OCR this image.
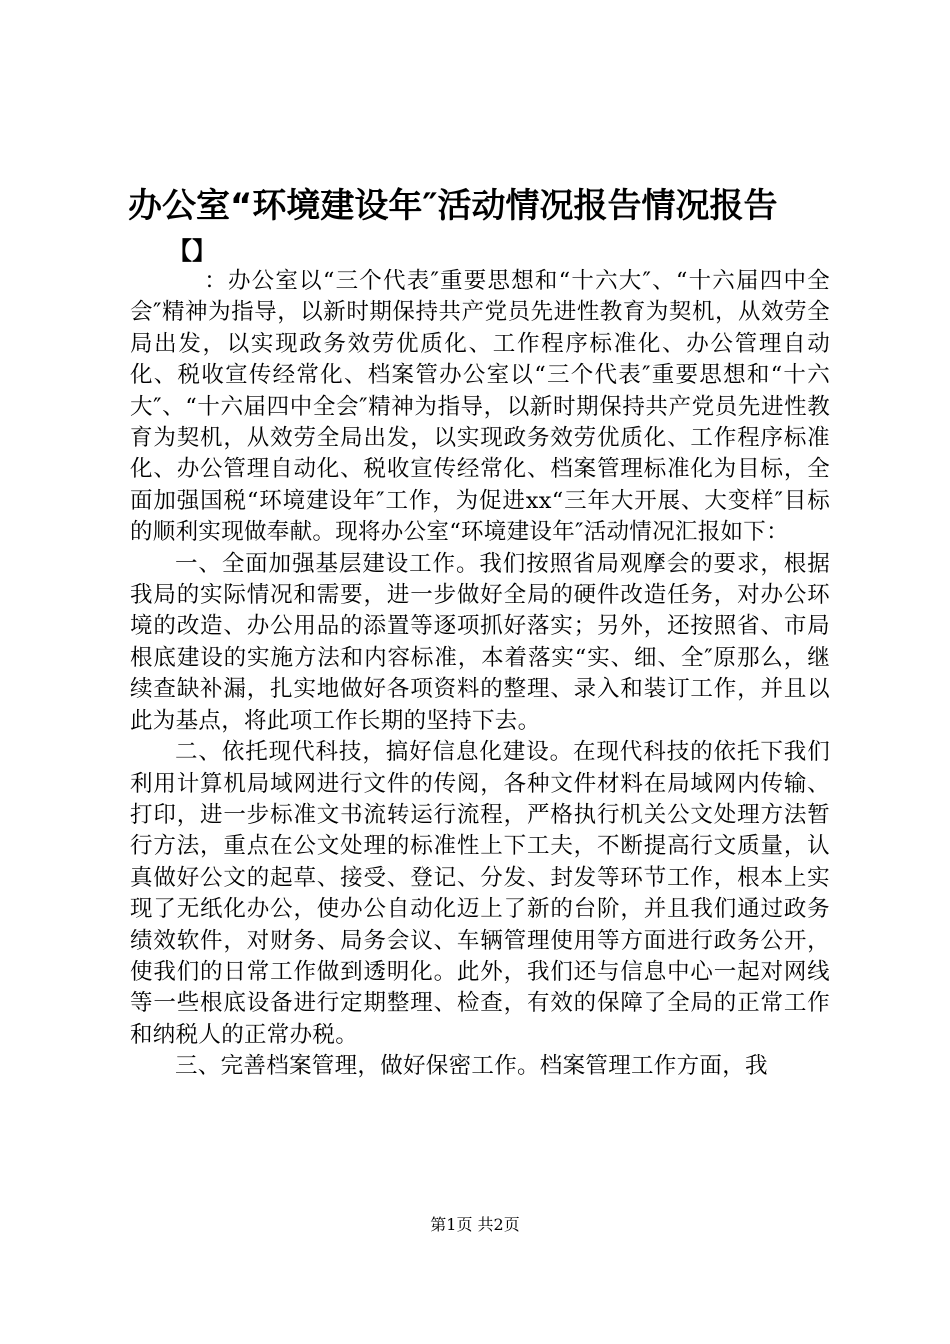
办公室“环境建设年″活动情况报告情况报告
【】

：办公室以“三个代表″重要思想和“十六大″、“十六届四中全会″精神为指导，以新时期保持共产党员先进性教育为契机，从效劳全局出发，以实现政务效劳优质化、工作程序标准化、办公管理自动化、税收宣传经常化、档案管办公室以“三个代表″重要思想和“十六大″、“十六届四中全会″精神为指导，以新时期保持共产党员先进性教育为契机，从效劳全局出发，以实现政务效劳优质化、工作程序标准化、办公管理自动化、税收宣传经常化、档案管理标准化为目标，全面加强国税“环境建设年″工作，为促进xx“三年大开展、大变样″目标的顺利实现做奉献。现将办公室“环境建设年″活动情况汇报如下：

一、全面加强基层建设工作。我们按照省局观摩会的要求，根据我局的实际情况和需要，进一步做好全局的硬件改造任务，对办公环境的改造、办公用品的添置等逐项抓好落实；另外，还按照省、市局根底建设的实施方法和内容标准，本着落实“实、细、全″原那么，继续查缺补漏，扎实地做好各项资料的整理、录入和装订工作，并且以此为基点，将此项工作长期的坚持下去。

二、依托现代科技，搞好信息化建设。在现代科技的依托下我们利用计算机局域网进行文件的传阅，各种文件材料在局域网内传输、打印，进一步标准文书流转运行流程，严格执行机关公文处理方法暂行方法，重点在公文处理的标准性上下工夫，不断提高行文质量，认真做好公文的起草、接受、登记、分发、封发等环节工作，根本上实现了无纸化办公，使办公自动化迈上了新的台阶，并且我们通过政务绩效软件，对财务、局务会议、车辆管理使用等方面进行政务公开，使我们的日常工作做到透明化。此外，我们还与信息中心一起对网线等一些根底设备进行定期整理、检查，有效的保障了全局的正常工作和纳税人的正常办税。

三、完善档案管理，做好保密工作。档案管理工作方面，我

第1页 共2页
